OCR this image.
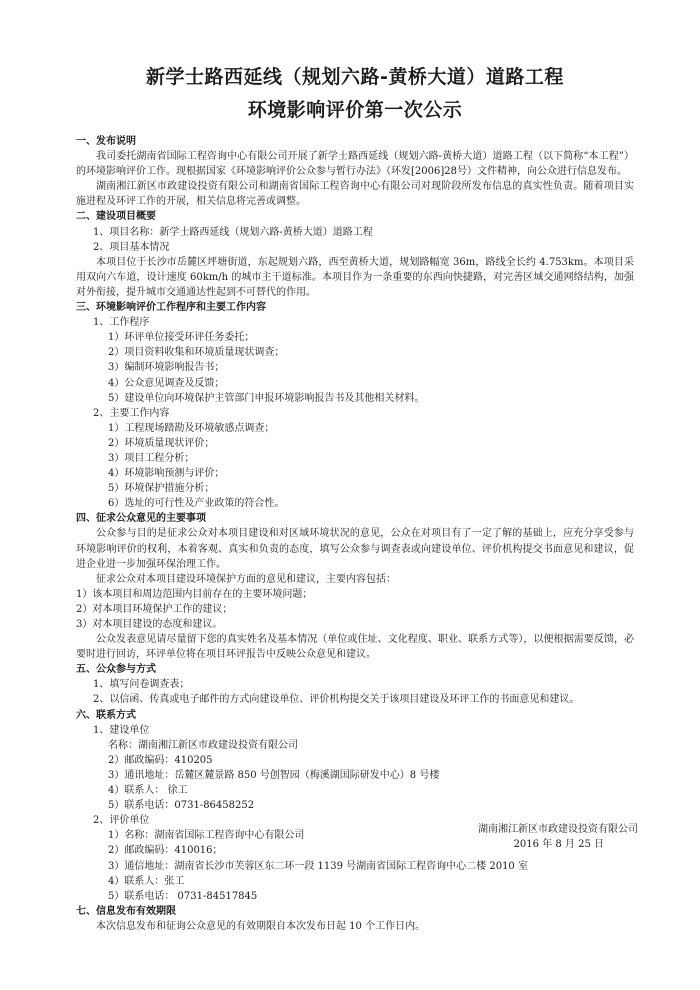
新学士路西延线（规划六路-黄桥大道）道路工程
环境影响评价第一次公示
一、发布说明
我司委托湖南省国际工程咨询中心有限公司开展了新学士路西延线（规划六路-黄桥大道）道路工程（以下简称“本工程”）的环境影响评价工作。现根据国家《环境影响评价公众参与暂行办法》（环发[2006]28号）文件精神，向公众进行信息发布。
湖南湘江新区市政建设投资有限公司和湖南省国际工程咨询中心有限公司对现阶段所发布信息的真实性负责。随着项目实施进程及环评工作的开展，相关信息将完善或调整。
二、建设项目概要
1、项目名称：新学士路西延线（规划六路-黄桥大道）道路工程
2、项目基本情况
本项目位于长沙市岳麓区坪塘街道，东起规划六路，西至黄桥大道，规划路幅宽 36m，路线全长约 4.753km。本项目采用双向六车道，设计速度 60km/h 的城市主干道标准。本项目作为一条重要的东西向快捷路，对完善区域交通网络结构，加强对外衔接，提升城市交通通达性起到不可替代的作用。
三、环境影响评价工作程序和主要工作内容
1、工作程序
1）环评单位接受环评任务委托；
2）项目资料收集和环境质量现状调查；
3）编制环境影响报告书；
4）公众意见调查及反馈；
5）建设单位向环境保护主管部门申报环境影响报告书及其他相关材料。
2、主要工作内容
1）工程现场踏勘及环境敏感点调查；
2）环境质量现状评价；
3）项目工程分析；
4）环境影响预测与评价；
5）环境保护措施分析；
6）选址的可行性及产业政策的符合性。
四、征求公众意见的主要事项
公众参与目的是征求公众对本项目建设和对区域环境状况的意见，公众在对项目有了一定了解的基础上，应充分享受参与环境影响评价的权利，本着客观、真实和负责的态度，填写公众参与调查表或向建设单位、评价机构提交书面意见和建议，促进企业进一步加强环保治理工作。
征求公众对本项目建设环境保护方面的意见和建议，主要内容包括：
1）该本项目和周边范围内目前存在的主要环境问题；
2）对本项目环境保护工作的建议；
3）对本项目建设的态度和建议。
公众发表意见请尽量留下您的真实姓名及基本情况（单位或住址、文化程度、职业、联系方式等），以便根据需要反馈，必要时进行回访，环评单位将在项目环评报告中反映公众意见和建议。
五、公众参与方式
1、填写问卷调查表；
2、以信函、传真或电子邮件的方式向建设单位、评价机构提交关于该项目建设及环评工作的书面意见和建议。
六、联系方式
1、建设单位
名称：湖南湘江新区市政建设投资有限公司
2）邮政编码：410205
3）通讯地址：岳麓区麓景路 850 号创智园（梅溪湖国际研发中心）8 号楼
4）联系人： 徐工
5）联系电话：0731-86458252
2、评价单位
1）名称：湖南省国际工程咨询中心有限公司
2）邮政编码：410016；
3）通信地址：湖南省长沙市芙蓉区东二环一段 1139 号湖南省国际工程咨询中心二楼 2010 室
4）联系人：张工
5）联系电话： 0731-84517845
七、信息发布有效期限
本次信息发布和征询公众意见的有效期限自本次发布日起 10 个工作日内。
湖南湘江新区市政建设投资有限公司
2016 年 8 月 25 日
